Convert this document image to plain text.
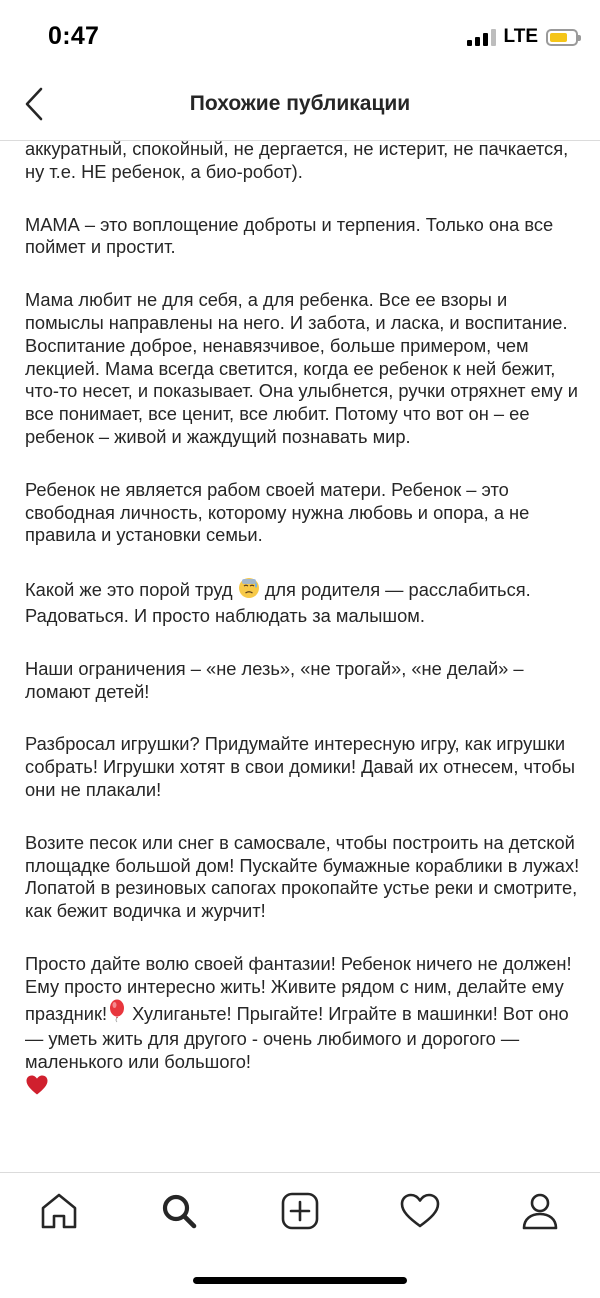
0:47	LTE
Похожие публикации

аккуратный, спокойный, не дергается, не истерит, не пачкается, ну т.е. НЕ ребенок, а био-робот).

МАМА – это воплощение доброты и терпения. Только она все поймет и простит.

Мама любит не для себя, а для ребенка. Все ее взоры и помыслы направлены на него. И забота, и ласка, и воспитание. Воспитание доброе, ненавязчивое, больше примером, чем лекцией. Мама всегда светится, когда ее ребенок к ней бежит, что-то несет, и показывает. Она улыбнется, ручки отряхнет ему и все понимает, все ценит, все любит. Потому что вот он – ее ребенок – живой и жаждущий познавать мир.

Ребенок не является рабом своей матери. Ребенок – это свободная личность, которому нужна любовь и опора, а не правила и установки семьи.

Какой же это порой труд  для родителя — расслабиться. Радоваться. И просто наблюдать за малышом.

Наши ограничения – «не лезь», «не трогай», «не делай» – ломают детей!

Разбросал игрушки? Придумайте интересную игру, как игрушки собрать! Игрушки хотят в свои домики! Давай их отнесем, чтобы они не плакали!

Возите песок или снег в самосвале, чтобы построить на детской площадке большой дом! Пускайте бумажные кораблики в лужах! Лопатой в резиновых сапогах прокопайте устье реки и смотрите, как бежит водичка и журчит!

Просто дайте волю своей фантазии! Ребенок ничего не должен! Ему просто интересно жить! Живите рядом с ним, делайте ему праздник! Хулиганьте! Прыгайте! Играйте в машинки! Вот оно — уметь жить для другого - очень любимого и дорогого — маленького или большого!
